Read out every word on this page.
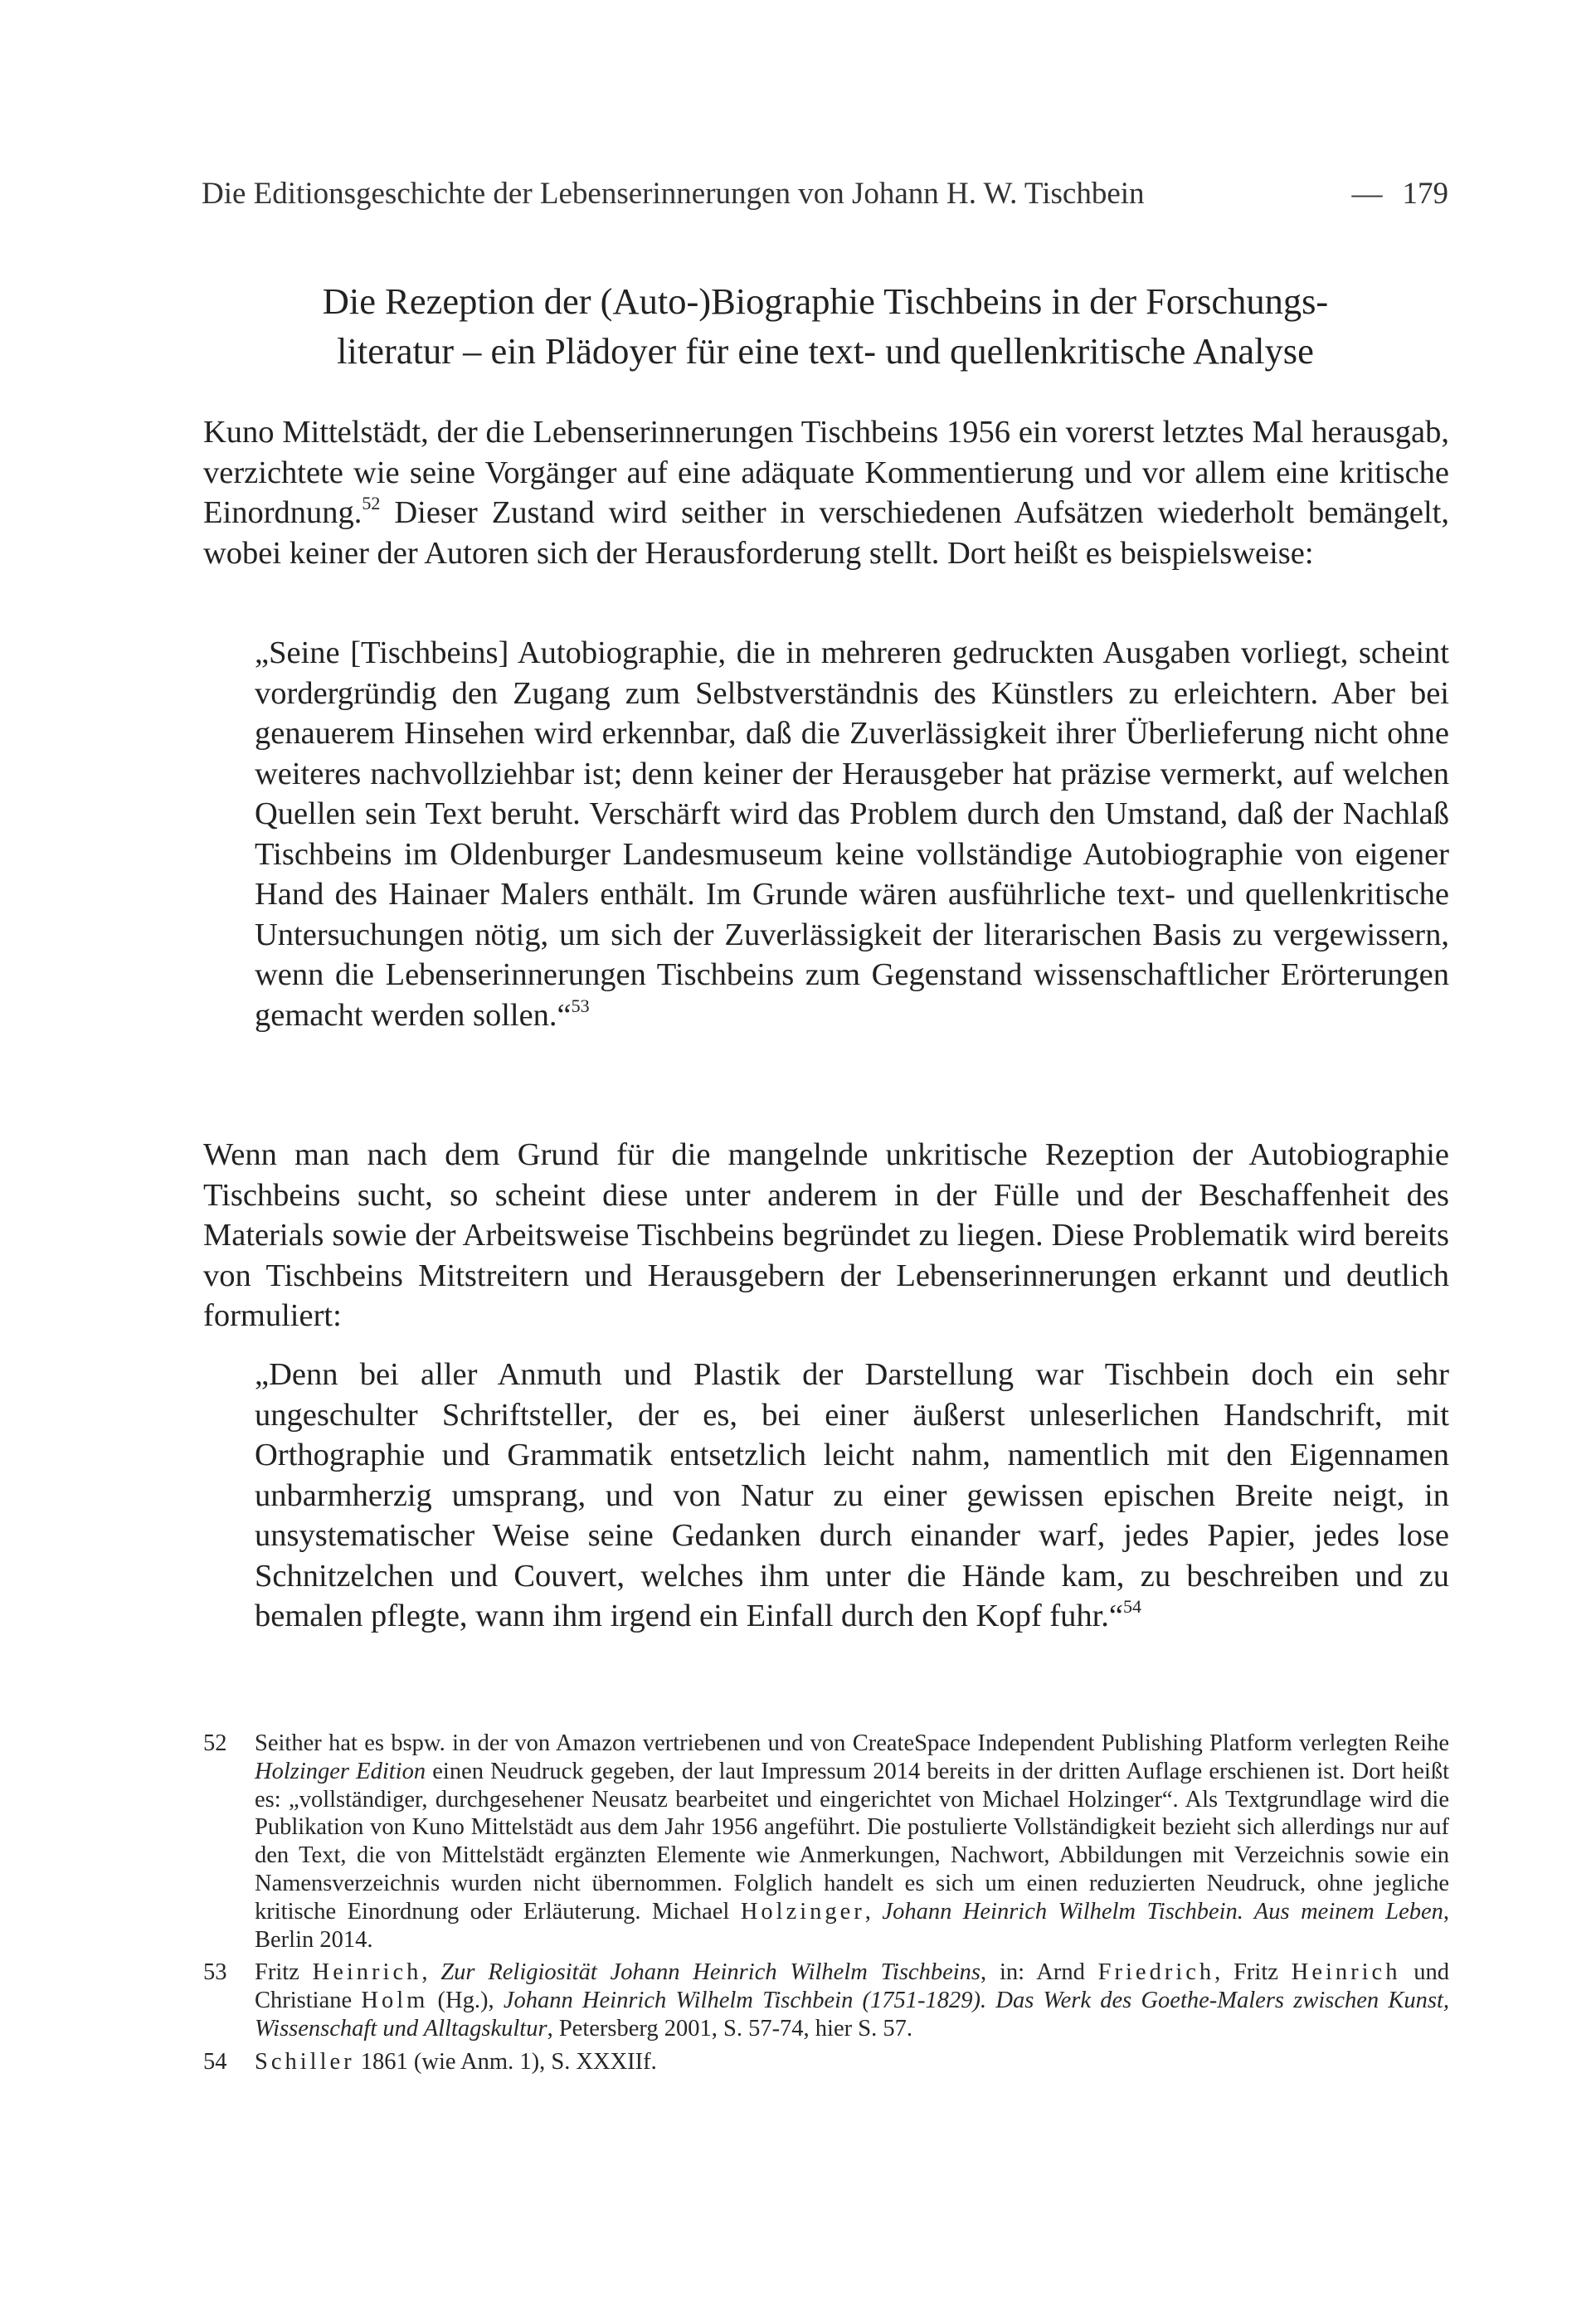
Die Editionsgeschichte der Lebenserinnerungen von Johann H. W. Tischbein	— 179
Die Rezeption der (Auto-)Biographie Tischbeins in der Forschungs-
literatur – ein Plädoyer für eine text- und quellenkritische Analyse

Kuno Mittelstädt, der die Lebenserinnerungen Tischbeins 1956 ein vorerst letztes Mal herausgab, verzichtete wie seine Vorgänger auf eine adäquate Kommentierung und vor allem eine kritische Einordnung.$^{52}$ Dieser Zustand wird seither in verschiedenen Aufsätzen wiederholt bemängelt, wobei keiner der Autoren sich der Herausforderung stellt. Dort heißt es beispielsweise:

„Seine [Tischbeins] Autobiographie, die in mehreren gedruckten Ausgaben vorliegt, scheint vordergründig den Zugang zum Selbstverständnis des Künstlers zu erleichtern. Aber bei genauerem Hinsehen wird erkennbar, daß die Zuverlässigkeit ihrer Überlieferung nicht ohne weiteres nachvollziehbar ist; denn keiner der Herausgeber hat präzise vermerkt, auf welchen Quellen sein Text beruht. Verschärft wird das Problem durch den Umstand, daß der Nachlaß Tischbeins im Oldenburger Landesmuseum keine vollständige Autobiographie von eigener Hand des Hainaer Malers enthält. Im Grunde wären ausführliche text- und quellenkritische Untersuchungen nötig, um sich der Zuverlässigkeit der literarischen Basis zu vergewissern, wenn die Lebenserinnerungen Tischbeins zum Gegenstand wissenschaftlicher Erörterungen gemacht werden sollen.“$^{53}$

Wenn man nach dem Grund für die mangelnde unkritische Rezeption der Autobiographie Tischbeins sucht, so scheint diese unter anderem in der Fülle und der Beschaffenheit des Materials sowie der Arbeitsweise Tischbeins begründet zu liegen. Diese Problematik wird bereits von Tischbeins Mitstreitern und Herausgebern der Lebenserinnerungen erkannt und deutlich formuliert:

„Denn bei aller Anmuth und Plastik der Darstellung war Tischbein doch ein sehr ungeschulter Schriftsteller, der es, bei einer äußerst unleserlichen Handschrift, mit Orthographie und Grammatik entsetzlich leicht nahm, namentlich mit den Eigennamen unbarmherzig umsprang, und von Natur zu einer gewissen epischen Breite neigt, in unsystematischer Weise seine Gedanken durch einander warf, jedes Papier, jedes lose Schnitzelchen und Couvert, welches ihm unter die Hände kam, zu beschreiben und zu bemalen pflegte, wann ihm irgend ein Einfall durch den Kopf fuhr.“$^{54}$

52	Seither hat es bspw. in der von Amazon vertriebenen und von CreateSpace Independent Publishing Platform verlegten Reihe Holzinger Edition einen Neudruck gegeben, der laut Impressum 2014 bereits in der dritten Auflage erschienen ist. Dort heißt es: „vollständiger, durchgesehener Neusatz bearbeitet und eingerichtet von Michael Holzinger“. Als Textgrundlage wird die Publikation von Kuno Mittelstädt aus dem Jahr 1956 angeführt. Die postulierte Vollständigkeit bezieht sich allerdings nur auf den Text, die von Mittelstädt ergänzten Elemente wie Anmerkungen, Nachwort, Abbildungen mit Verzeichnis sowie ein Namensverzeichnis wurden nicht übernommen. Folglich handelt es sich um einen reduzierten Neudruck, ohne jegliche kritische Einordnung oder Erläuterung. Michael Holzinger, Johann Heinrich Wilhelm Tischbein. Aus meinem Leben, Berlin 2014.
53	Fritz Heinrich, Zur Religiosität Johann Heinrich Wilhelm Tischbeins, in: Arnd Friedrich, Fritz Heinrich und Christiane Holm (Hg.), Johann Heinrich Wilhelm Tischbein (1751-1829). Das Werk des Goethe-Malers zwischen Kunst, Wissenschaft und Alltagskultur, Petersberg 2001, S. 57-74, hier S. 57.
54	Schiller 1861 (wie Anm. 1), S. XXXIIf.
